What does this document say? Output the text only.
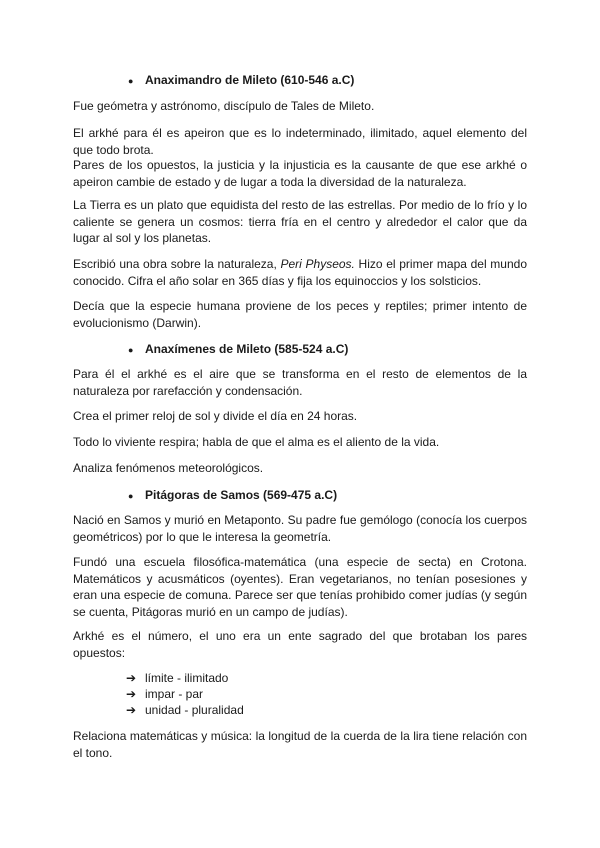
● Anaximandro de Mileto (610-546 a.C)

Fue geómetra y astrónomo, discípulo de Tales de Mileto.

El arkhé para él es apeiron que es lo indeterminado, ilimitado, aquel elemento del que todo brota.

Pares de los opuestos, la justicia y la injusticia es la causante de que ese arkhé o apeiron cambie de estado y de lugar a toda la diversidad de la naturaleza.

La Tierra es un plato que equidista del resto de las estrellas. Por medio de lo frío y lo caliente se genera un cosmos: tierra fría en el centro y alrededor el calor que da lugar al sol y los planetas.

Escribió una obra sobre la naturaleza, Peri Physeos. Hizo el primer mapa del mundo conocido. Cifra el año solar en 365 días y fija los equinoccios y los solsticios.

Decía que la especie humana proviene de los peces y reptiles; primer intento de evolucionismo (Darwin).

● Anaxímenes de Mileto (585-524 a.C)

Para él el arkhé es el aire que se transforma en el resto de elementos de la naturaleza por rarefacción y condensación.

Crea el primer reloj de sol y divide el día en 24 horas.

Todo lo viviente respira; habla de que el alma es el aliento de la vida.

Analiza fenómenos meteorológicos.

● Pitágoras de Samos (569-475 a.C)

Nació en Samos y murió en Metaponto. Su padre fue gemólogo (conocía los cuerpos geométricos) por lo que le interesa la geometría.

Fundó una escuela filosófica-matemática (una especie de secta) en Crotona. Matemáticos y acusmáticos (oyentes). Eran vegetarianos, no tenían posesiones y eran una especie de comuna. Parece ser que tenías prohibido comer judías (y según se cuenta, Pitágoras murió en un campo de judías).

Arkhé es el número, el uno era un ente sagrado del que brotaban los pares opuestos:

➔ límite - ilimitado
➔ impar - par
➔ unidad - pluralidad

Relaciona matemáticas y música: la longitud de la cuerda de la lira tiene relación con el tono.
